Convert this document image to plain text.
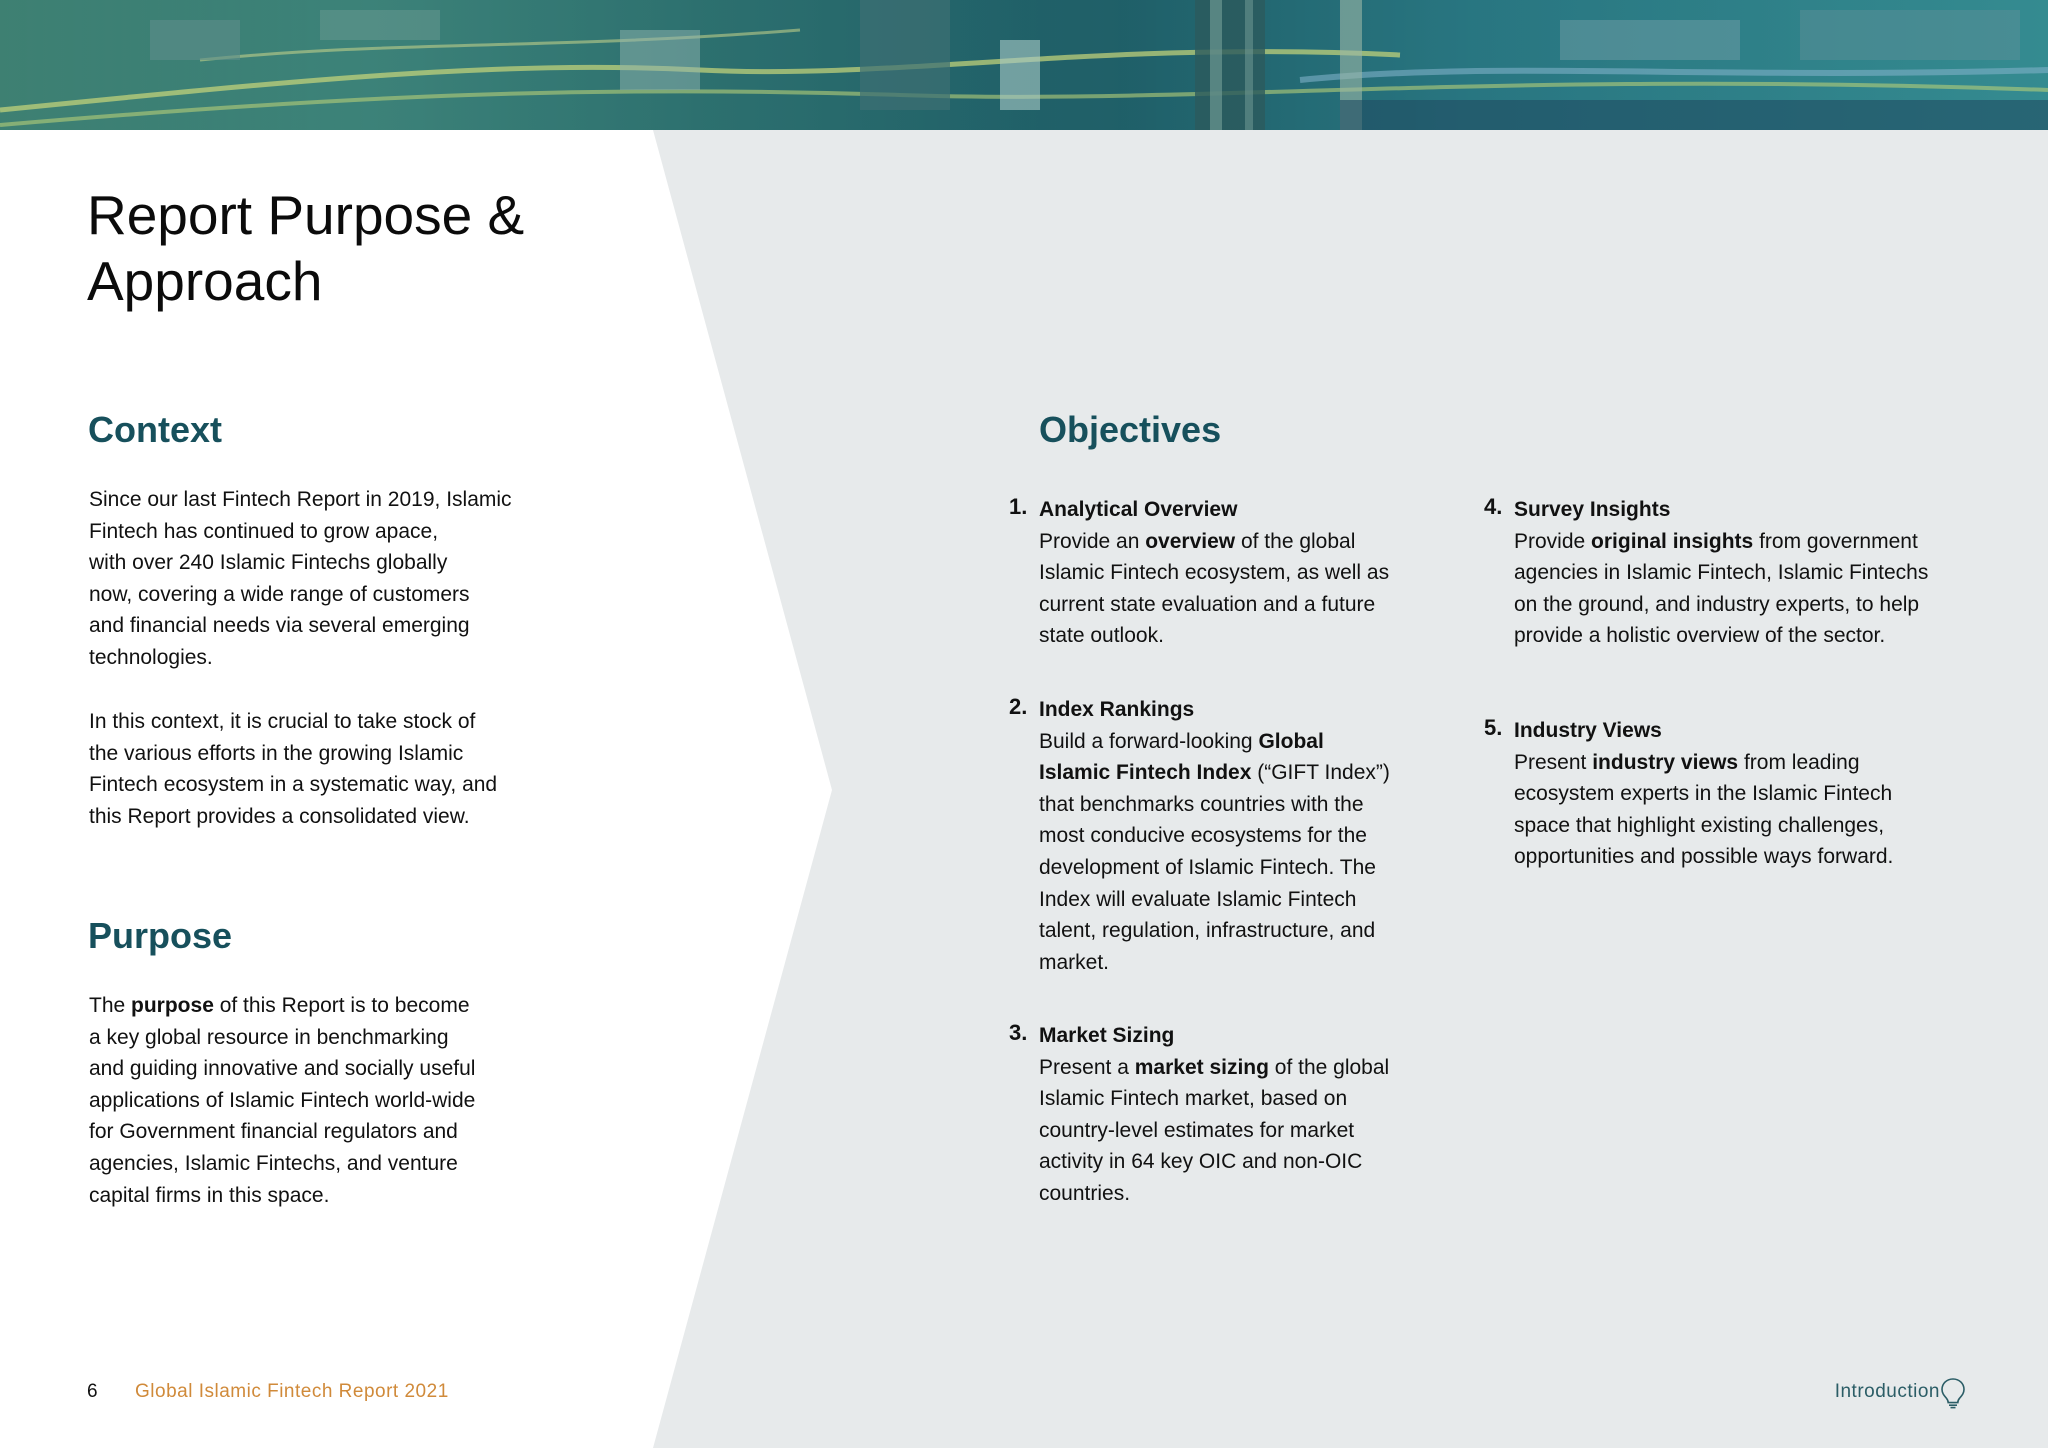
Report Purpose &
Approach
Context
Since our last Fintech Report in 2019, Islamic
Fintech has continued to grow apace,
with over 240 Islamic Fintechs globally
now, covering a wide range of customers
and financial needs via several emerging
technologies.
In this context, it is crucial to take stock of
the various efforts in the growing Islamic
Fintech ecosystem in a systematic way, and
this Report provides a consolidated view.
Purpose
The purpose of this Report is to become
a key global resource in benchmarking
and guiding innovative and socially useful
applications of Islamic Fintech world-wide
for Government financial regulators and
agencies, Islamic Fintechs, and venture
capital firms in this space.
Objectives
1. Analytical Overview
Provide an overview of the global
Islamic Fintech ecosystem, as well as
current state evaluation and a future
state outlook.
2. Index Rankings
Build a forward-looking Global
Islamic Fintech Index (“GIFT Index”)
that benchmarks countries with the
most conducive ecosystems for the
development of Islamic Fintech. The
Index will evaluate Islamic Fintech
talent, regulation, infrastructure, and
market.
3. Market Sizing
Present a market sizing of the global
Islamic Fintech market, based on
country-level estimates for market
activity in 64 key OIC and non-OIC
countries.
4. Survey Insights
Provide original insights from government
agencies in Islamic Fintech, Islamic Fintechs
on the ground, and industry experts, to help
provide a holistic overview of the sector.
5. Industry Views
Present industry views from leading
ecosystem experts in the Islamic Fintech
space that highlight existing challenges,
opportunities and possible ways forward.
6 Global Islamic Fintech Report 2021	Introduction
